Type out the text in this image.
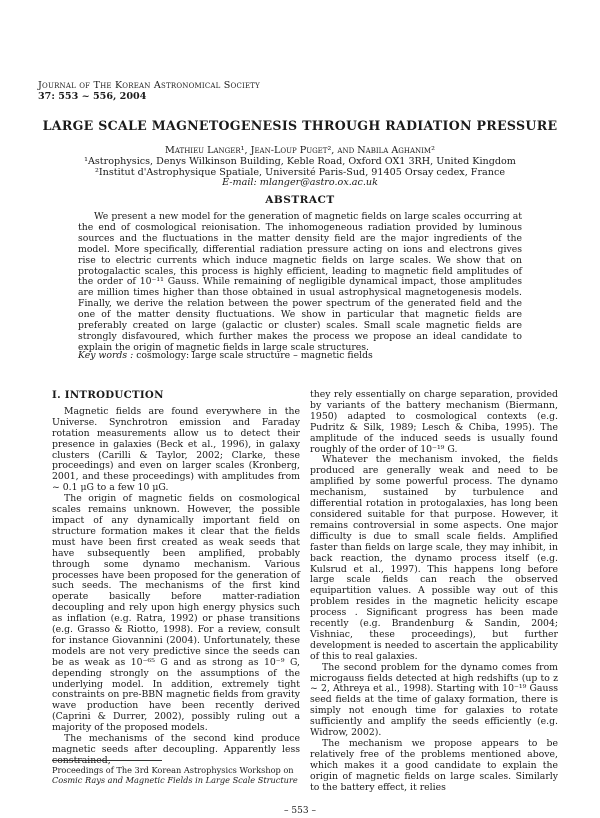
Journal of The Korean Astronomical Society
37: 553 ~ 556, 2004
LARGE SCALE MAGNETOGENESIS THROUGH RADIATION PRESSURE
Mathieu Langer¹, Jean-Loup Puget², and Nabila Aghanim²
¹Astrophysics, Denys Wilkinson Building, Keble Road, Oxford OX1 3RH, United Kingdom
²Institut d'Astrophysique Spatiale, Université Paris-Sud, 91405 Orsay cedex, France
E-mail: mlanger@astro.ox.ac.uk
ABSTRACT

We present a new model for the generation of magnetic fields on large scales occurring at the end of cosmological reionisation. The inhomogeneous radiation provided by luminous sources and the fluctuations in the matter density field are the major ingredients of the model. More specifically, differential radiation pressure acting on ions and electrons gives rise to electric currents which induce magnetic fields on large scales. We show that on protogalactic scales, this process is highly efficient, leading to magnetic field amplitudes of the order of 10⁻¹¹ Gauss. While remaining of negligible dynamical impact, those amplitudes are million times higher than those obtained in usual astrophysical magnetogenesis models. Finally, we derive the relation between the power spectrum of the generated field and the one of the matter density fluctuations. We show in particular that magnetic fields are preferably created on large (galactic or cluster) scales. Small scale magnetic fields are strongly disfavoured, which further makes the process we propose an ideal candidate to explain the origin of magnetic fields in large scale structures.

Key words : cosmology: large scale structure – magnetic fields
I. INTRODUCTION

Magnetic fields are found everywhere in the Universe. Synchrotron emission and Faraday rotation measurements allow us to detect their presence in galaxies (Beck et al., 1996), in galaxy clusters (Carilli & Taylor, 2002; Clarke, these proceedings) and even on larger scales (Kronberg, 2001, and these proceedings) with amplitudes from ~ 0.1 μG to a few 10 μG.

The origin of magnetic fields on cosmological scales remains unknown. However, the possible impact of any dynamically important field on structure formation makes it clear that the fields must have been first created as weak seeds that have subsequently been amplified, probably through some dynamo mechanism. Various processes have been proposed for the generation of such seeds. The mechanisms of the first kind operate basically before matter-radiation decoupling and rely upon high energy physics such as inflation (e.g. Ratra, 1992) or phase transitions (e.g. Grasso & Riotto, 1998). For a review, consult for instance Giovannini (2004). Unfortunately, these models are not very predictive since the seeds can be as weak as 10⁻⁶⁵ G and as strong as 10⁻⁹ G, depending strongly on the assumptions of the underlying model. In addition, extremely tight constraints on pre-BBN magnetic fields from gravity wave production have been recently derived (Caprini & Durrer, 2002), possibly ruling out a majority of the proposed models.

The mechanisms of the second kind produce magnetic seeds after decoupling. Apparently less constrained,

they rely essentially on charge separation, provided by variants of the battery mechanism (Biermann, 1950) adapted to cosmological contexts (e.g. Pudritz & Silk, 1989; Lesch & Chiba, 1995). The amplitude of the induced seeds is usually found roughly of the order of 10⁻¹⁹ G.

Whatever the mechanism invoked, the fields produced are generally weak and need to be amplified by some powerful process. The dynamo mechanism, sustained by turbulence and differential rotation in protogalaxies, has long been considered suitable for that purpose. However, it remains controversial in some aspects. One major difficulty is due to small scale fields. Amplified faster than fields on large scale, they may inhibit, in back reaction, the dynamo process itself (e.g. Kulsrud et al., 1997). This happens long before large scale fields can reach the observed equipartition values. A possible way out of this problem resides in the magnetic helicity escape process . Significant progress has been made recently (e.g. Brandenburg & Sandin, 2004; Vishniac, these proceedings), but further development is needed to ascertain the applicability of this to real galaxies.

The second problem for the dynamo comes from microgauss fields detected at high redshifts (up to z ~ 2, Athreya et al., 1998). Starting with 10⁻¹⁹ Gauss seed fields at the time of galaxy formation, there is simply not enough time for galaxies to rotate sufficiently and amplify the seeds efficiently (e.g. Widrow, 2002).

The mechanism we propose appears to be relatively free of the problems mentioned above, which makes it a good candidate to explain the origin of magnetic fields on large scales. Similarly to the battery effect, it relies

Proceedings of The 3rd Korean Astrophysics Workshop on
Cosmic Rays and Magnetic Fields in Large Scale Structure
– 553 –
